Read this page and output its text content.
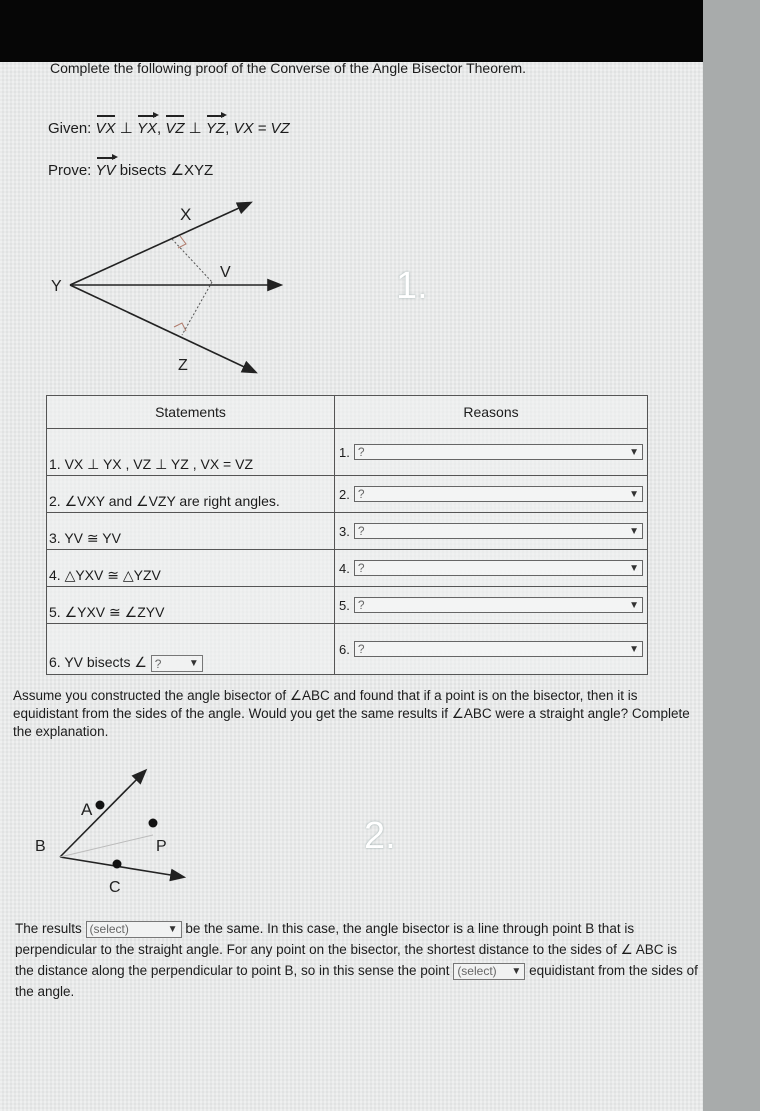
Complete the following proof of the Converse of the Angle Bisector Theorem.
Given: VX ⊥ YX, VZ ⊥ YZ, VX = VZ
Prove: YV bisects ∠XYZ
X
Y
V
Z
1.
Statements	Reasons
1. VX ⊥ YX , VZ ⊥ YZ , VX = VZ	1. ? ▼

2. ∠VXY and ∠VZY are right angles.	2. ? ▼

3. YV ≅ YV	3. ? ▼

4. △YXV ≅ △YZV	4. ? ▼

5. ∠YXV ≅ ∠ZYV	5. ? ▼

6. YV bisects ∠ ? ▼	6. ? ▼
Assume you constructed the angle bisector of ∠ABC and found that if a point is on the bisector, then it is equidistant from the sides of the angle. Would you get the same results if ∠ABC were a straight angle? Complete the explanation.
A
B
C
P	2.
The results (select)	▼ be the same. In this case, the angle bisector is a line through point B that is perpendicular to the straight angle. For any point on the bisector, the shortest distance to the sides of ∠ ABC is the distance along the perpendicular to point B, so in this sense the point (select) ▼ equidistant from the sides of the angle.
